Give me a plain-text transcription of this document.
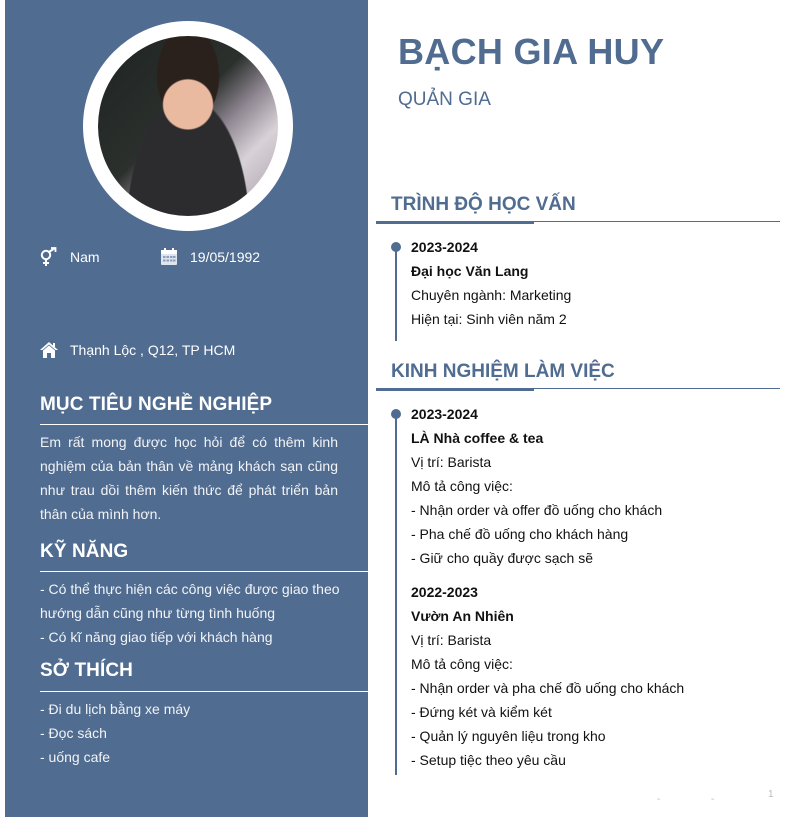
Nam	19/05/1992
Thạnh Lộc , Q12, TP HCM
MỤC TIÊU NGHỀ NGHIỆP
Em rất mong được học hỏi để có thêm kinh nghiệm của bản thân về mảng khách sạn cũng như trau dồi thêm kiến thức để phát triển bản thân của mình hơn.
KỸ NĂNG
- Có thể thực hiện các công việc được giao theo hướng dẫn cũng như từng tình huống
- Có kĩ năng giao tiếp với khách hàng
SỞ THÍCH
- Đi du lịch bằng xe máy
- Đọc sách
- uống cafe
BẠCH GIA HUY
QUẢN GIA
TRÌNH ĐỘ HỌC VẤN
2023-2024
Đại học Văn Lang
Chuyên ngành: Marketing
Hiện tại: Sinh viên năm 2
KINH NGHIỆM LÀM VIỆC
2023-2024
LÀ Nhà coffee & tea
Vị trí: Barista
Mô tả công việc:
- Nhận order và offer đồ uống cho khách
- Pha chế đồ uống cho khách hàng
- Giữ cho quầy được sạch sẽ
2022-2023
Vườn An Nhiên
Vị trí: Barista
Mô tả công việc:
- Nhận order và pha chế đồ uống cho khách
- Đứng két và kiểm két
- Quản lý nguyên liệu trong kho
- Setup tiệc theo yêu cầu
-	-	1
